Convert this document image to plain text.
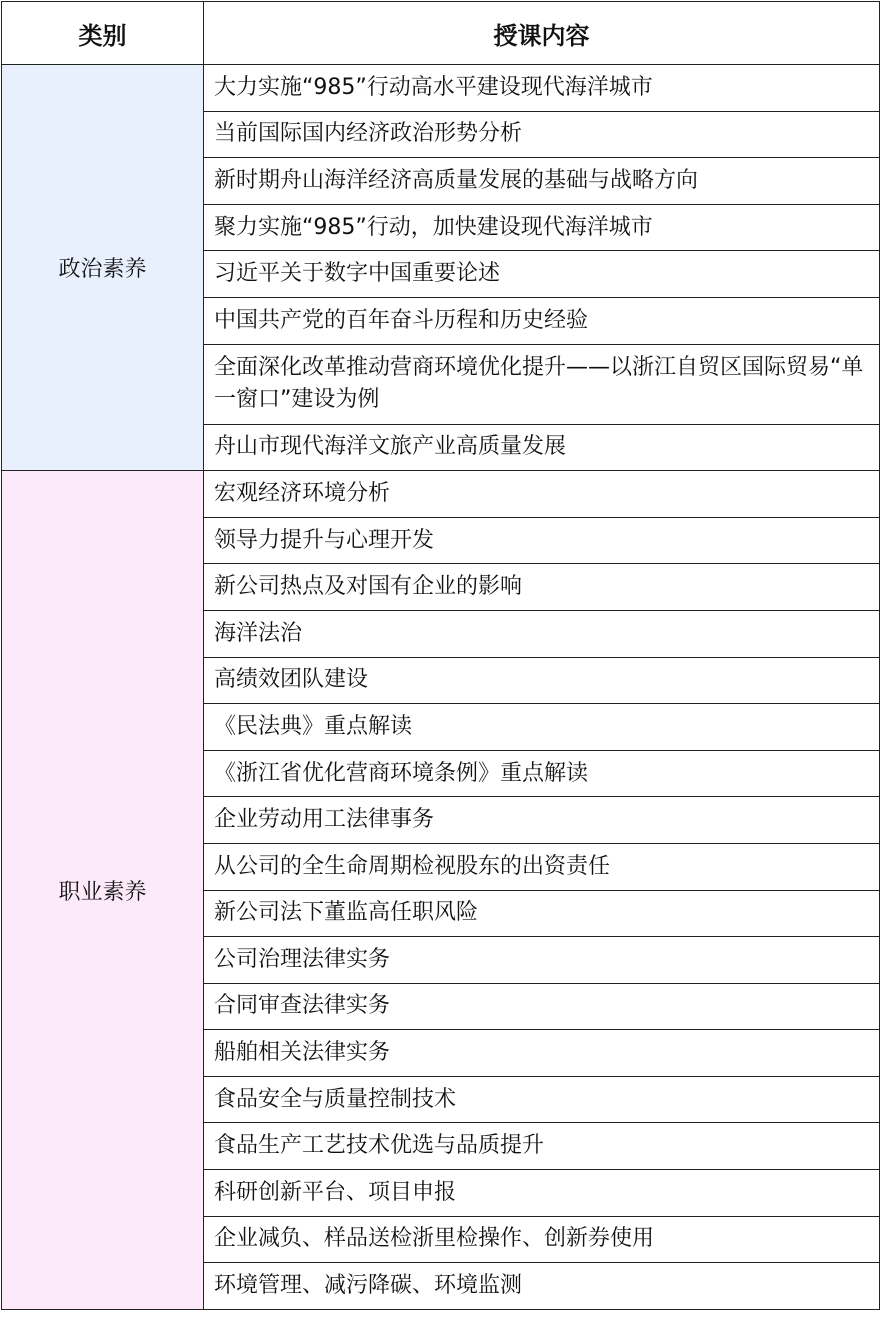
类别	授课内容
政治素养	大力实施“985”行动高水平建设现代海洋城市
	当前国际国内经济政治形势分析
	新时期舟山海洋经济高质量发展的基础与战略方向
	聚力实施“985”行动，加快建设现代海洋城市
	习近平关于数字中国重要论述
	中国共产党的百年奋斗历程和历史经验
	全面深化改革推动营商环境优化提升——以浙江自贸区国际贸易“单一窗口”建设为例
	舟山市现代海洋文旅产业高质量发展
职业素养	宏观经济环境分析
	领导力提升与心理开发
	新公司热点及对国有企业的影响
	海洋法治
	高绩效团队建设
	《民法典》重点解读
	《浙江省优化营商环境条例》重点解读
	企业劳动用工法律事务
	从公司的全生命周期检视股东的出资责任
	新公司法下董监高任职风险
	公司治理法律实务
	合同审查法律实务
	船舶相关法律实务
	食品安全与质量控制技术
	食品生产工艺技术优选与品质提升
	科研创新平台、项目申报
	企业减负、样品送检浙里检操作、创新券使用
	环境管理、减污降碳、环境监测
